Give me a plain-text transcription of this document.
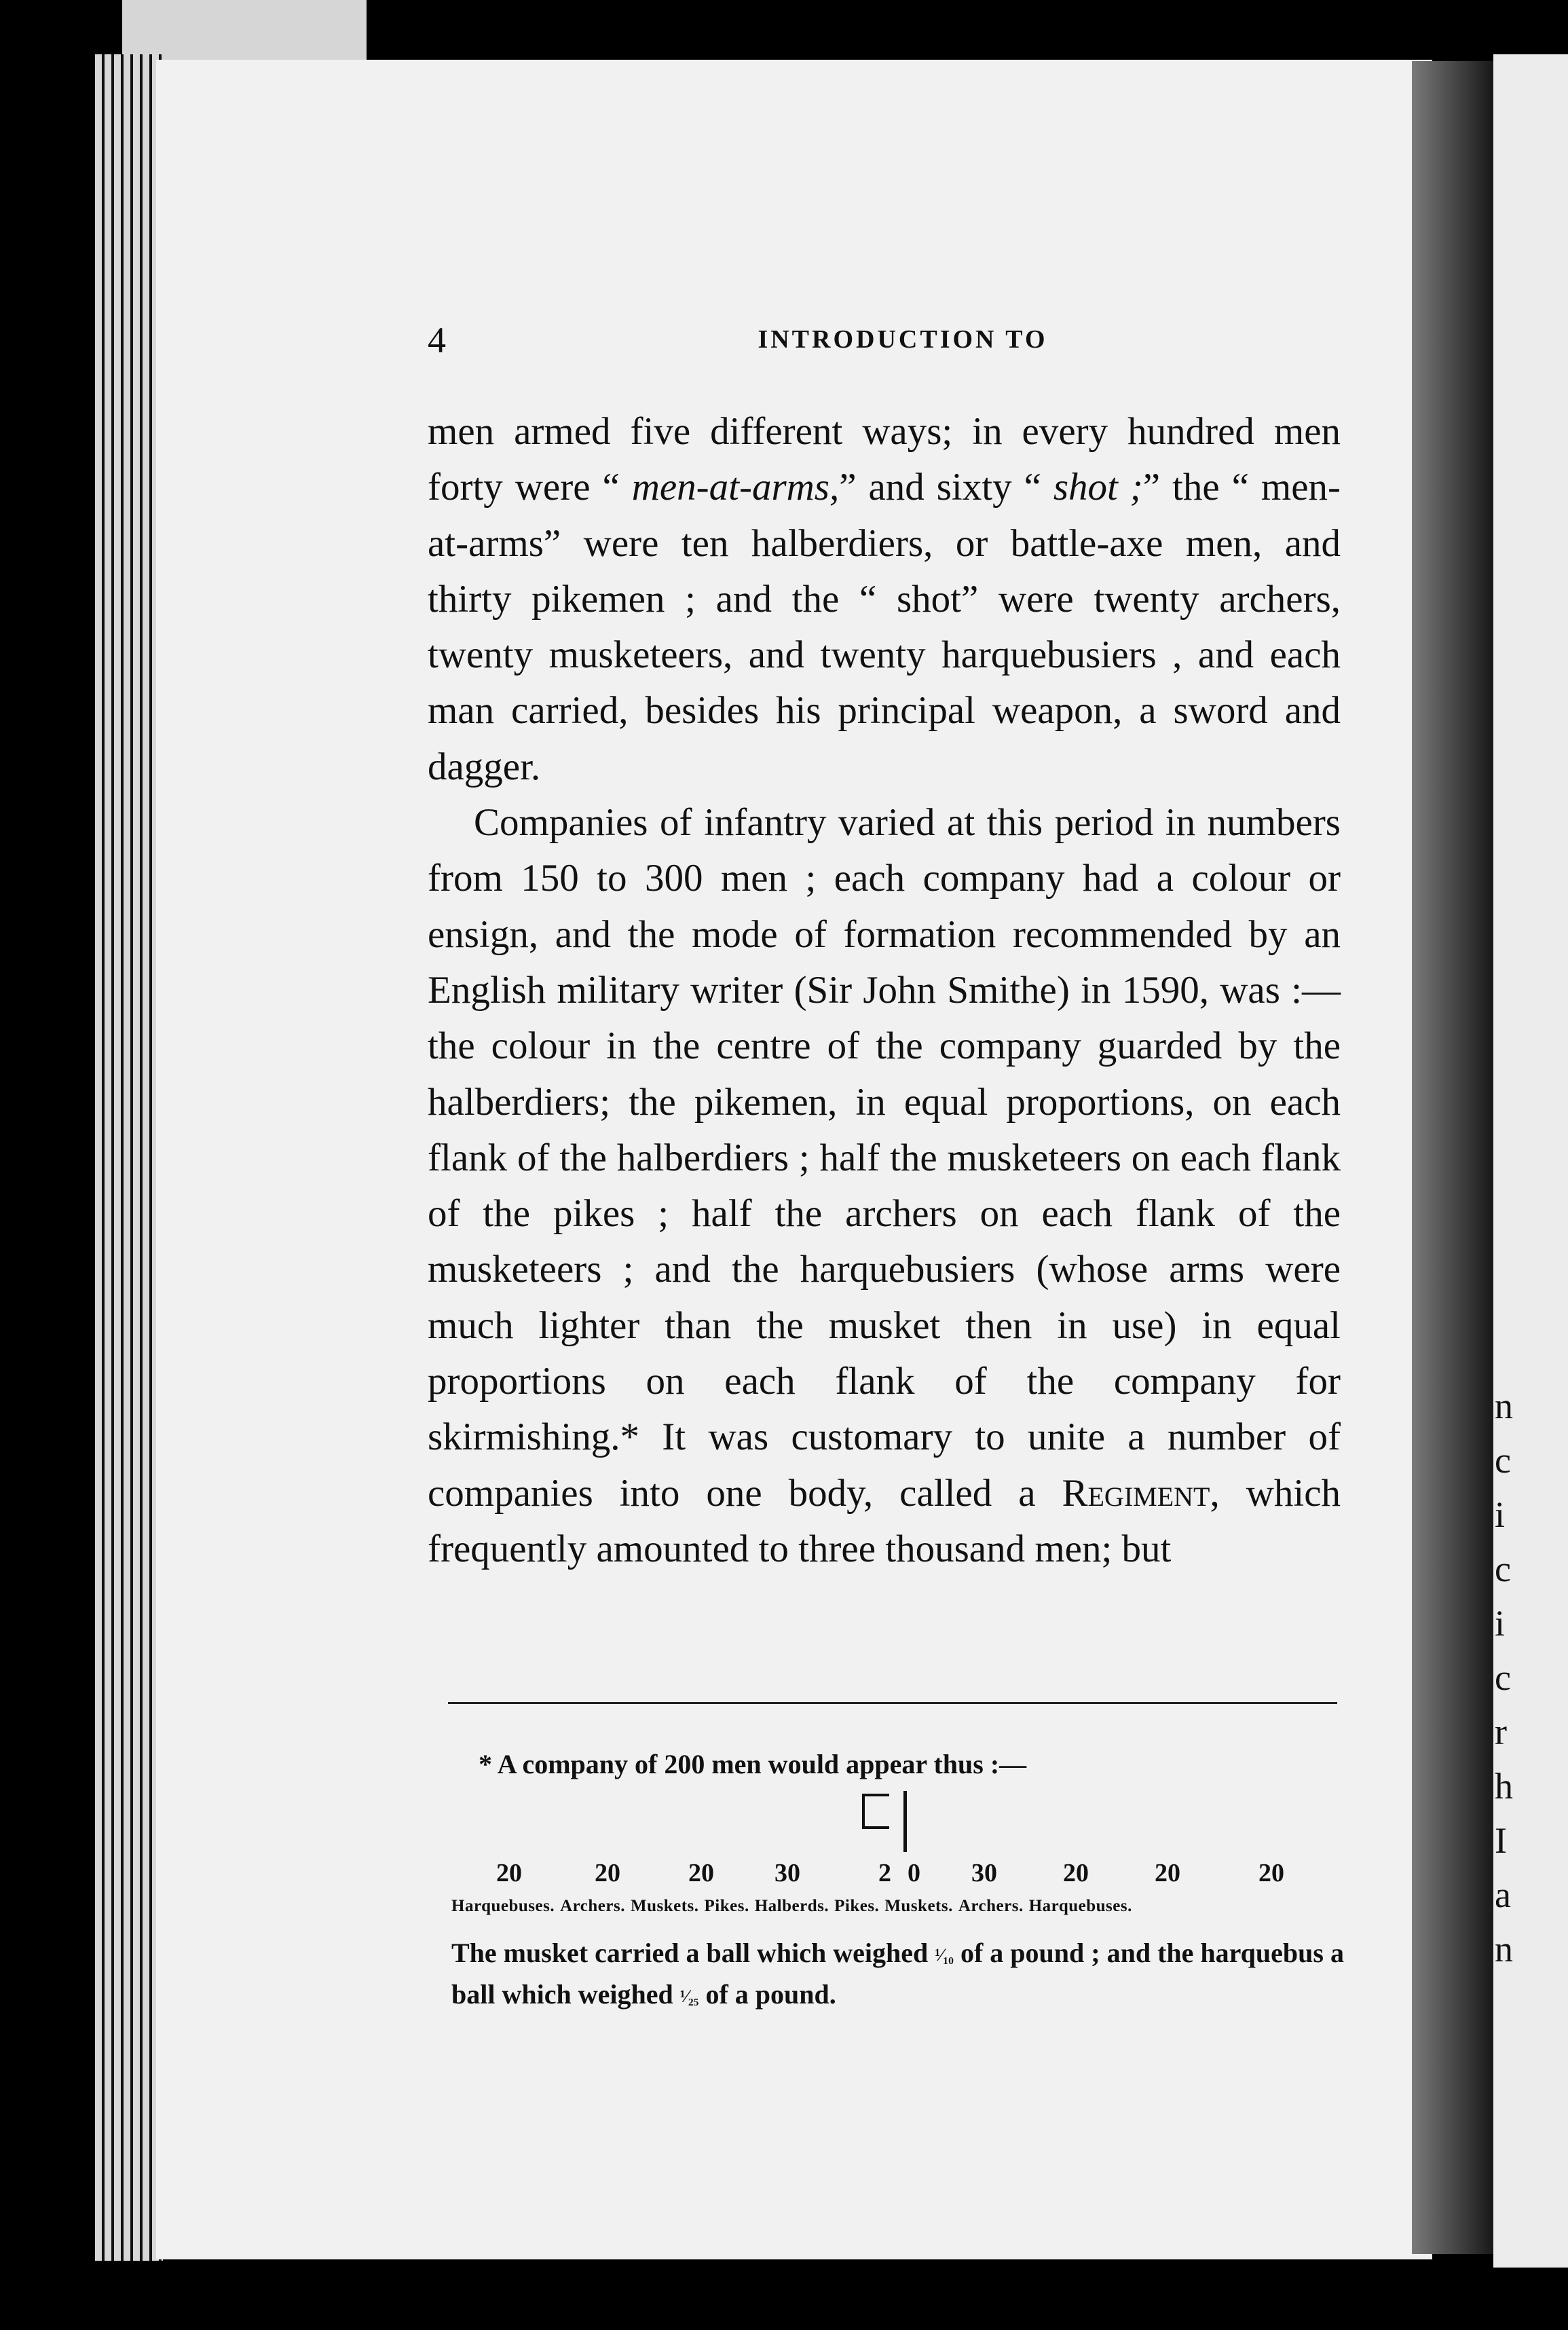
n
c
i
c
i
c
r
h
I
a
n
4	INTRODUCTION TO

men armed five different ways; in every hundred men forty were “ men-at-arms,” and sixty “ shot ;” the “ men-at-arms” were ten halberdiers, or battle-axe men, and thirty pikemen ; and the “ shot” were twenty archers, twenty musketeers, and twenty harquebusiers , and each man carried, besides his principal weapon, a sword and dagger.

Companies of infantry varied at this period in numbers from 150 to 300 men ; each company had a colour or ensign, and the mode of formation recommended by an English military writer (Sir John Smithe) in 1590, was :—the colour in the centre of the company guarded by the halberdiers; the pikemen, in equal proportions, on each flank of the halberdiers ; half the musketeers on each flank of the pikes ; half the archers on each flank of the musketeers ; and the harquebusiers (whose arms were much lighter than the musket then in use) in equal proportions on each flank of the company for skirmishing.* It was customary to unite a number of companies into one body, called a Regiment, which frequently amounted to three thousand men; but

* A company of 200 men would appear thus :—
20	20	20	30	2 0	30	20	20	20
Harquebuses. Archers. Muskets. Pikes. Halberds. Pikes. Muskets. Archers. Harquebuses.
The musket carried a ball which weighed ¹⁄₁₀ of a pound ; and the harquebus a ball which weighed ¹⁄₂₅ of a pound.
